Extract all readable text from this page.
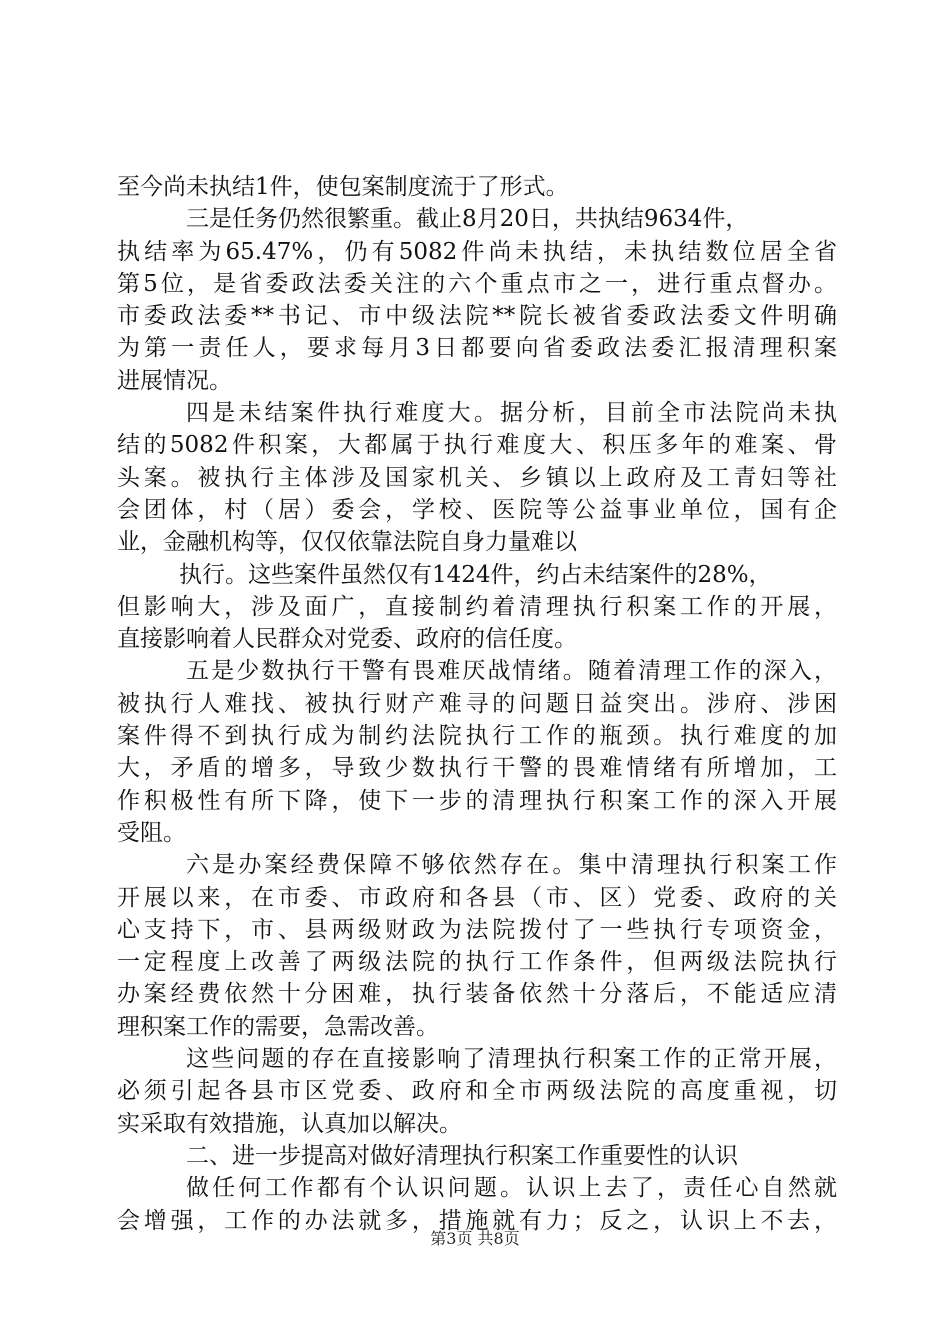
至今尚未执结1件，使包案制度流于了形式。
三是任务仍然很繁重。截止8月20日，共执结9634件，
执结率为65.47%，仍有5082件尚未执结，未执结数位居全省
第5位，是省委政法委关注的六个重点市之一，进行重点督办。
市委政法委**书记、市中级法院**院长被省委政法委文件明确
为第一责任人，要求每月3日都要向省委政法委汇报清理积案
进展情况。
四是未结案件执行难度大。据分析，目前全市法院尚未执
结的5082件积案，大都属于执行难度大、积压多年的难案、骨
头案。被执行主体涉及国家机关、乡镇以上政府及工青妇等社
会团体，村（居）委会，学校、医院等公益事业单位，国有企
业，金融机构等，仅仅依靠法院自身力量难以
执行。这些案件虽然仅有1424件，约占未结案件的28%，
但影响大，涉及面广，直接制约着清理执行积案工作的开展，
直接影响着人民群众对党委、政府的信任度。
五是少数执行干警有畏难厌战情绪。随着清理工作的深入，
被执行人难找、被执行财产难寻的问题日益突出。涉府、涉困
案件得不到执行成为制约法院执行工作的瓶颈。执行难度的加
大，矛盾的增多，导致少数执行干警的畏难情绪有所增加，工
作积极性有所下降，使下一步的清理执行积案工作的深入开展
受阻。
六是办案经费保障不够依然存在。集中清理执行积案工作
开展以来，在市委、市政府和各县（市、区）党委、政府的关
心支持下，市、县两级财政为法院拨付了一些执行专项资金，
一定程度上改善了两级法院的执行工作条件，但两级法院执行
办案经费依然十分困难，执行装备依然十分落后，不能适应清
理积案工作的需要，急需改善。
这些问题的存在直接影响了清理执行积案工作的正常开展，
必须引起各县市区党委、政府和全市两级法院的高度重视，切
实采取有效措施，认真加以解决。
二、进一步提高对做好清理执行积案工作重要性的认识
做任何工作都有个认识问题。认识上去了，责任心自然就
会增强，工作的办法就多，措施就有力；反之，认识上不去，
第3页 共8页
